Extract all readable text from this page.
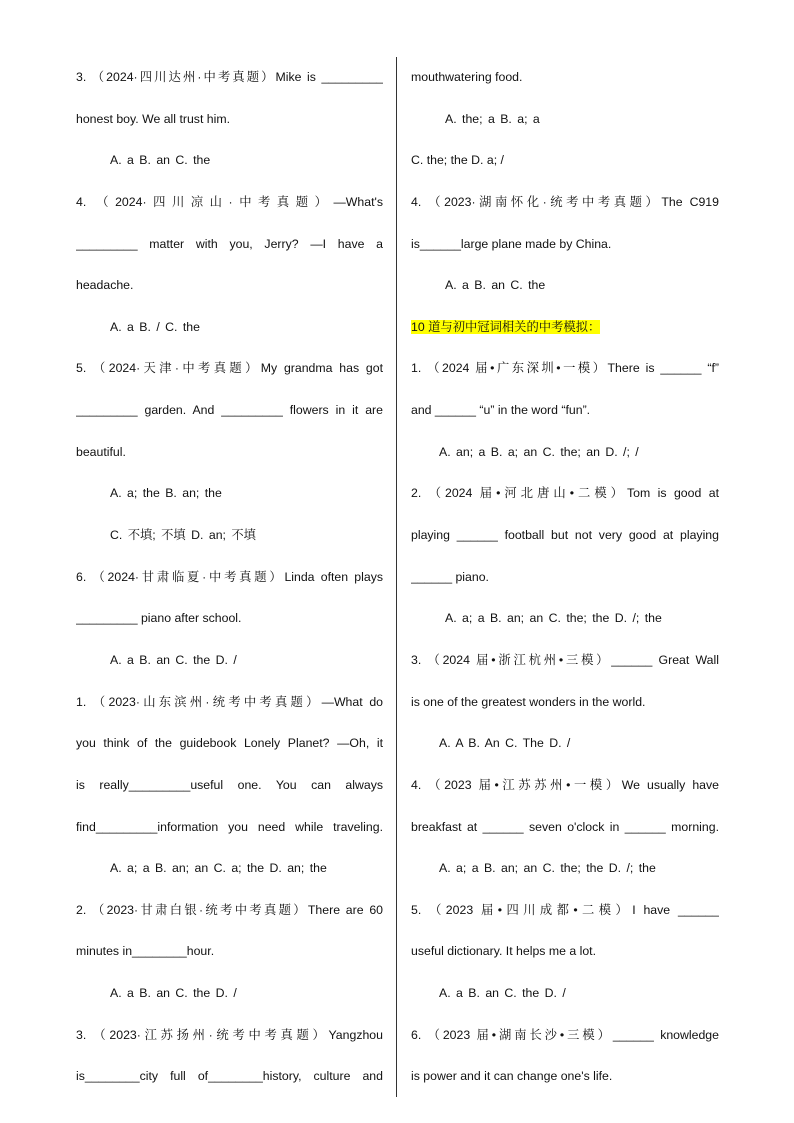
3. （2024·四川达州·中考真题）Mike is _________
honest boy. We all trust him.
A. a B. an C. the
4. （2024·四川凉山·中考真题）—What's
_________ matter with you, Jerry? —I have a
headache.
A. a B. / C. the
5. （2024·天津·中考真题）My grandma has got
_________ garden. And _________ flowers in it are
beautiful.
A. a; the B. an; the
C. 不填; 不填 D. an; 不填
6. （2024·甘肃临夏·中考真题）Linda often plays
_________ piano after school.
A. a B. an C. the D. /
1. （2023·山东滨州·统考中考真题）—What do
you think of the guidebook Lonely Planet? —Oh, it
is really_________useful one. You can always
find_________information you need while traveling.
A. a; a B. an; an C. a; the D. an; the
2. （2023·甘肃白银·统考中考真题）There are 60
minutes in________hour.
A. a B. an C. the D. /
3. （2023·江苏扬州·统考中考真题）Yangzhou
is________city full of________history, culture and
mouthwatering food.
A. the; a B. a; a
C. the; the D. a; /
4. （2023·湖南怀化·统考中考真题）The C919
is______large plane made by China.
A. a B. an C. the
10 道与初中冠词相关的中考模拟：
1. （2024 届•广东深圳•一模）There is ______ “f”
and ______ “u” in the word “fun”.
A. an; a B. a; an C. the; an D. /; /
2. （2024 届•河北唐山•二模）Tom is good at
playing ______ football but not very good at playing
______ piano.
A. a; a B. an; an C. the; the D. /; the
3. （2024 届•浙江杭州•三模）______ Great Wall
is one of the greatest wonders in the world.
A. A B. An C. The D. /
4. （2023 届•江苏苏州•一模）We usually have
breakfast at ______ seven o'clock in ______ morning.
A. a; a B. an; an C. the; the D. /; the
5. （2023 届•四川成都•二模）I have ______
useful dictionary. It helps me a lot.
A. a B. an C. the D. /
6. （2023 届•湖南长沙•三模）______ knowledge
is power and it can change one's life.
